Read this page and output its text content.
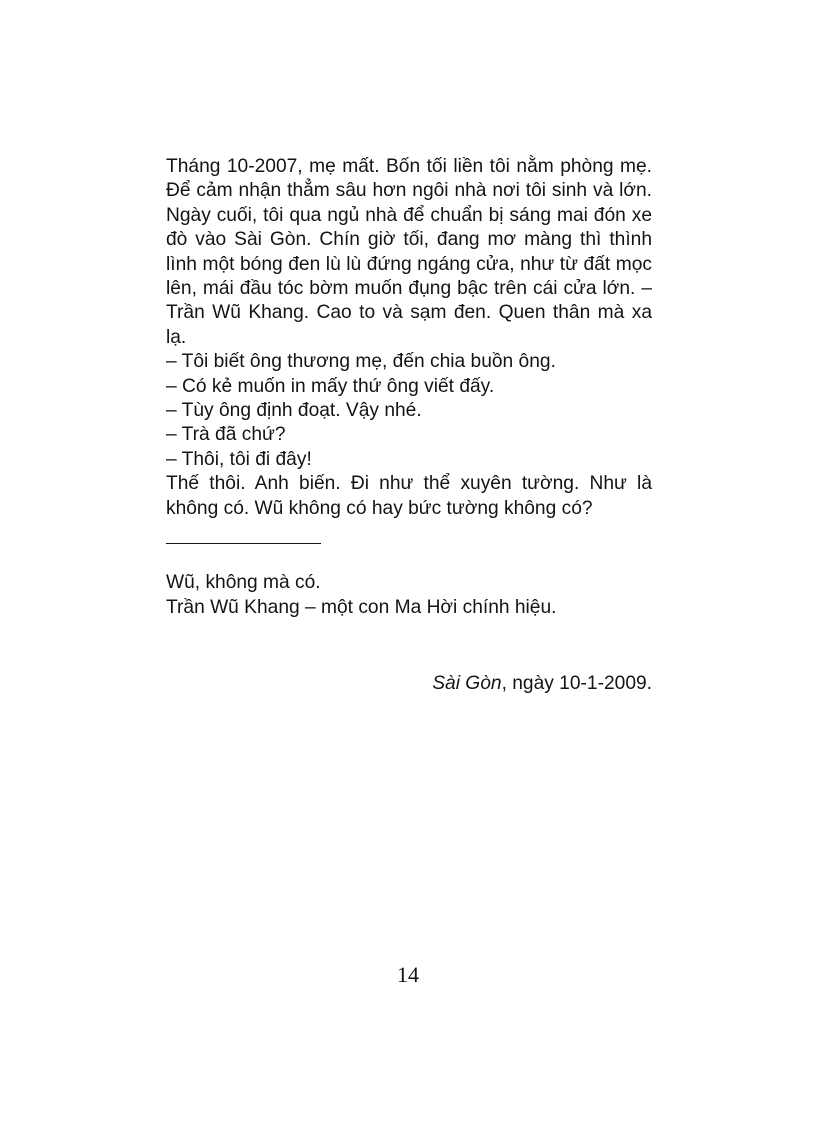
Tháng 10-2007, mẹ mất. Bốn tối liền tôi nằm phòng mẹ. Để cảm nhận thẳm sâu hơn ngôi nhà nơi tôi sinh và lớn. Ngày cuối, tôi qua ngủ nhà để chuẩn bị sáng mai đón xe đò vào Sài Gòn. Chín giờ tối, đang mơ màng thì thình lình một bóng đen lù lù đứng ngáng cửa, như từ đất mọc lên, mái đầu tóc bờm muốn đụng bậc trên cái cửa lớn. – Trần Wũ Khang. Cao to và sạm đen. Quen thân mà xa lạ.

– Tôi biết ông thương mẹ, đến chia buồn ông.

– Có kẻ muốn in mấy thứ ông viết đấy.

– Tùy ông định đoạt. Vậy nhé.

– Trà đã chứ?

– Thôi, tôi đi đây!

Thế thôi. Anh biến. Đi như thể xuyên tường. Như là không có. Wũ không có hay bức tường không có?

Wũ, không mà có.

Trần Wũ Khang – một con Ma Hời chính hiệu.

Sài Gòn, ngày 10-1-2009.

14
